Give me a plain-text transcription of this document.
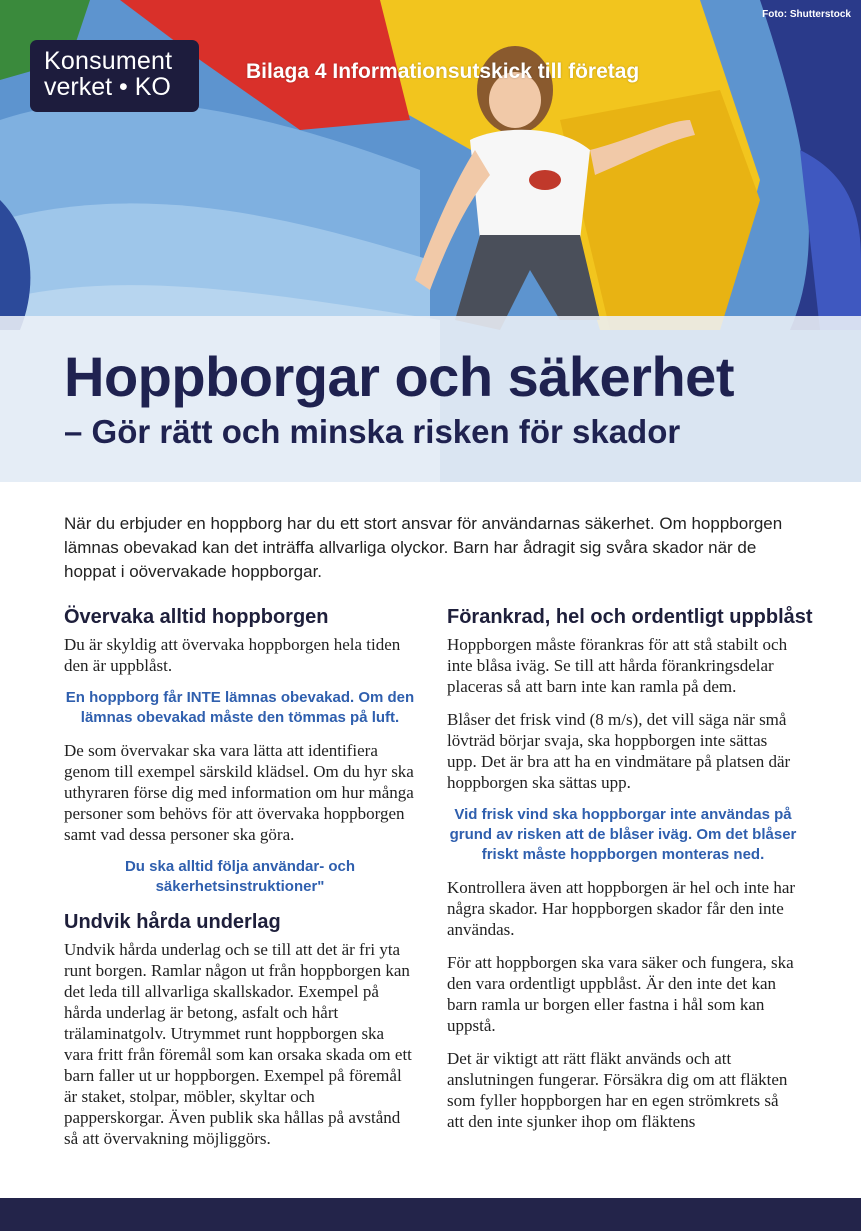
Foto: Shutterstock
Konsument
verket • KO
Bilaga 4 Informationsutskick till företag
Hoppborgar och säkerhet
– Gör rätt och minska risken för skador

När du erbjuder en hoppborg har du ett stort ansvar för användarnas säkerhet. Om hoppborgen lämnas obevakad kan det inträffa allvarliga olyckor. Barn har ådragit sig svåra skador när de hoppat i oövervakade hoppborgar.

Övervaka alltid hoppborgen

Du är skyldig att övervaka hoppborgen hela tiden den är uppblåst.

En hoppborg får INTE lämnas obevakad. Om den lämnas obevakad måste den tömmas på luft.

De som övervakar ska vara lätta att identifiera genom till exempel särskild klädsel. Om du hyr ska uthyraren förse dig med information om hur många personer som behövs för att övervaka hoppborgen samt vad dessa personer ska göra.

Du ska alltid följa användar- och säkerhetsinstruktioner"

Undvik hårda underlag

Undvik hårda underlag och se till att det är fri yta runt borgen. Ramlar någon ut från hoppborgen kan det leda till allvarliga skallskador. Exempel på hårda underlag är betong, asfalt och hårt trälaminatgolv. Utrymmet runt hoppborgen ska vara fritt från föremål som kan orsaka skada om ett barn faller ut ur hoppborgen. Exempel på föremål är staket, stolpar, möbler, skyltar och papperskorgar. Även publik ska hållas på avstånd så att övervakning möjliggörs.

Förankrad, hel och ordentligt uppblåst

Hoppborgen måste förankras för att stå stabilt och inte blåsa iväg. Se till att hårda förankringsdelar placeras så att barn inte kan ramla på dem.

Blåser det frisk vind (8 m/s), det vill säga när små lövträd börjar svaja, ska hoppborgen inte sättas upp. Det är bra att ha en vindmätare på platsen där hoppborgen ska sättas upp.

Vid frisk vind ska hoppborgar inte användas på grund av risken att de blåser iväg. Om det blåser friskt måste hoppborgen monteras ned.

Kontrollera även att hoppborgen är hel och inte har några skador. Har hoppborgen skador får den inte användas.

För att hoppborgen ska vara säker och fungera, ska den vara ordentligt uppblåst. Är den inte det kan barn ramla ur borgen eller fastna i hål som kan uppstå.

Det är viktigt att rätt fläkt används och att anslutningen fungerar. Försäkra dig om att fläkten som fyller hoppborgen har en egen strömkrets så att den inte sjunker ihop om fläktens
